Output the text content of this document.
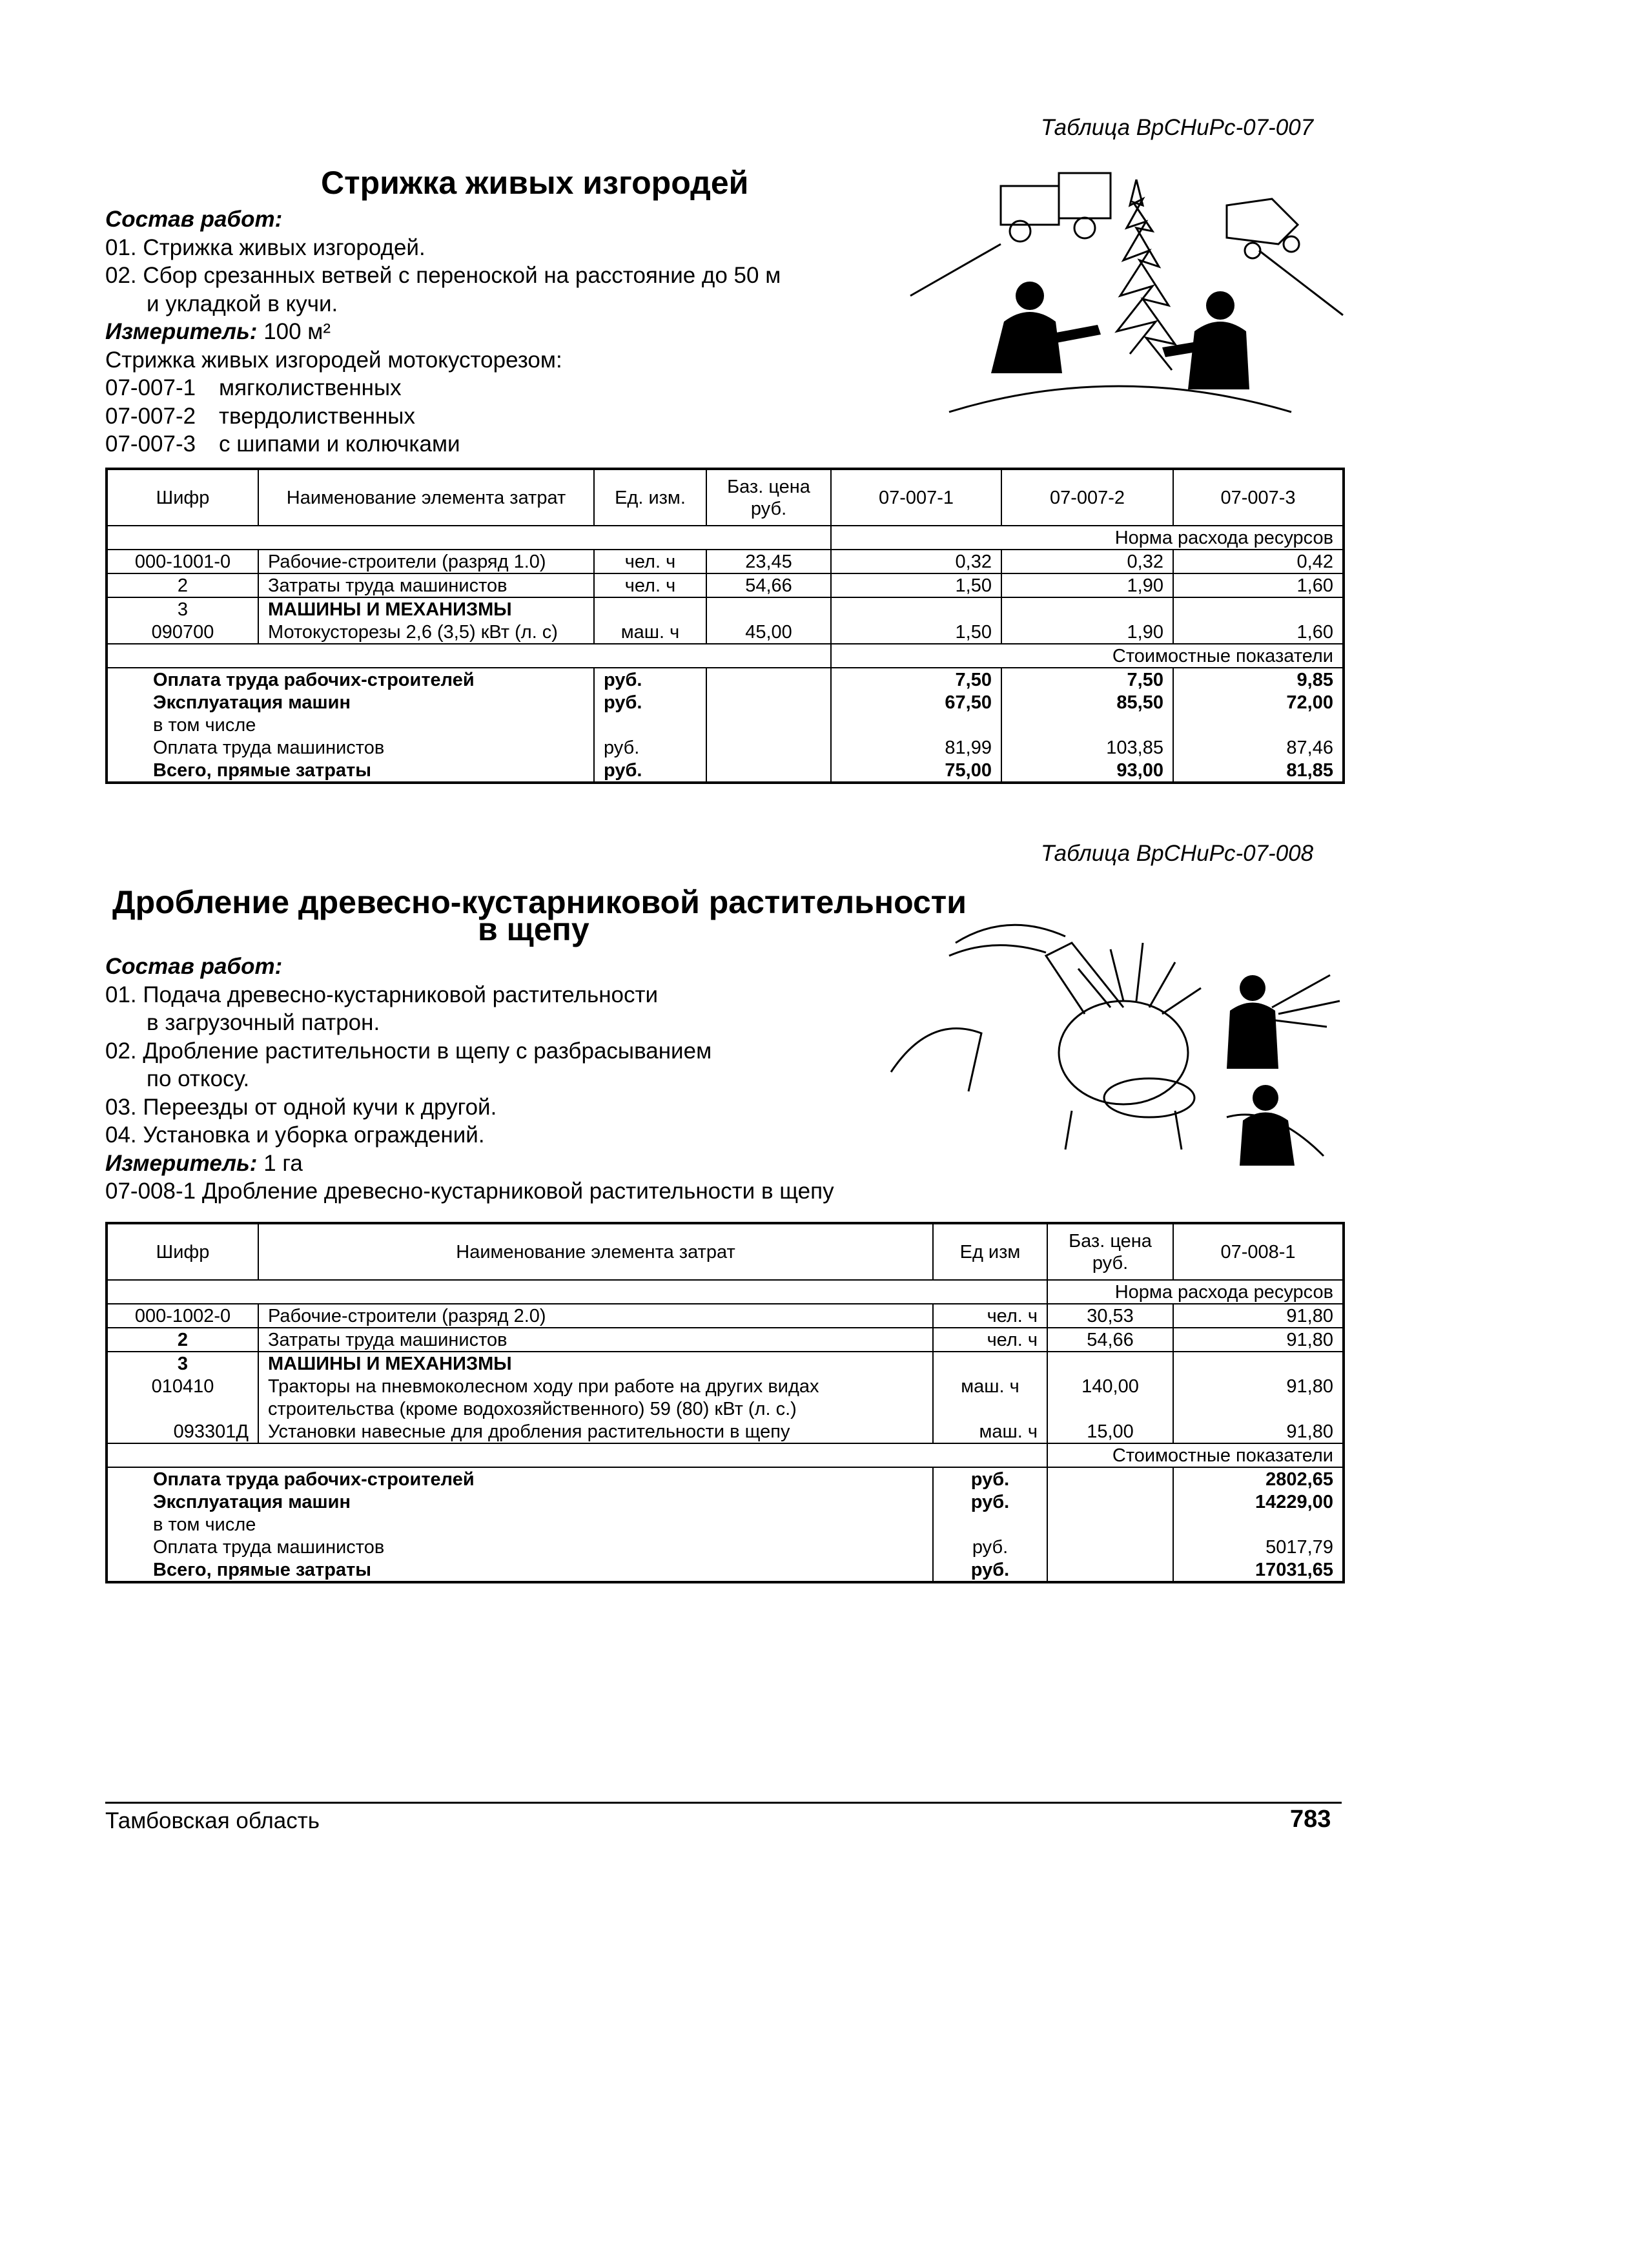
Таблица ВрСНиРс-07-007
Стрижка живых изгородей
Состав работ:
01. Стрижка живых изгородей.
02. Сбор срезанных ветвей с переноской на расстояние до 50 м
и укладкой в кучи.
Измеритель: 100 м²
Стрижка живых изгородей мотокусторезом:
07-007-1 мягколиственных
07-007-2 твердолиственных
07-007-3 с шипами и колючками
Шифр	Наименование элемента затрат	Ед. изм.	Баз. цена руб.	07-007-1	07-007-2	07-007-3
				Норма расхода ресурсов		
000-1001-0	Рабочие-строители (разряд 1.0)	чел. ч	23,45	0,32	0,32	0,42
2	Затраты труда машинистов	чел. ч	54,66	1,50	1,90	1,60
3	МАШИНЫ И МЕХАНИЗМЫ					
090700	Мотокусторезы 2,6 (3,5) кВт (л. с)	маш. ч	45,00	1,50	1,90	1,60
				Стоимостные показатели		
Оплата труда рабочих-строителей		руб.		7,50	7,50	9,85
Эксплуатация машин		руб.		67,50	85,50	72,00
в том числе						
Оплата труда машинистов		руб.		81,99	103,85	87,46
Всего, прямые затраты		руб.		75,00	93,00	81,85
Таблица ВрСНиРс-07-008
Дробление древесно-кустарниковой растительности
в щепу
Состав работ:
01. Подача древесно-кустарниковой растительности
в загрузочный патрон.
02. Дробление растительности в щепу с разбрасыванием
по откосу.
03. Переезды от одной кучи к другой.
04. Установка и уборка ограждений.
Измеритель: 1 га
07-008-1 Дробление древесно-кустарниковой растительности в щепу
Шифр	Наименование элемента затрат	Ед изм	Баз. цена руб.	07-008-1
			Норма расхода ресурсов	
000-1002-0	Рабочие-строители (разряд 2.0)	чел. ч	30,53	91,80
2	Затраты труда машинистов	чел. ч	54,66	91,80
3	МАШИНЫ И МЕХАНИЗМЫ			
010410	Тракторы на пневмоколесном ходу при работе на других видах	маш. ч	140,00	91,80
	строительства (кроме водохозяйственного) 59 (80) кВт (л. с.)			
093301Д	Установки навесные для дробления растительности в щепу	маш. ч	15,00	91,80
			Стоимостные показатели	
Оплата труда рабочих-строителей		руб.		2802,65
Эксплуатация машин		руб.		14229,00
в том числе				
Оплата труда машинистов		руб.		5017,79
Всего, прямые затраты		руб.		17031,65
Тамбовская область	783
